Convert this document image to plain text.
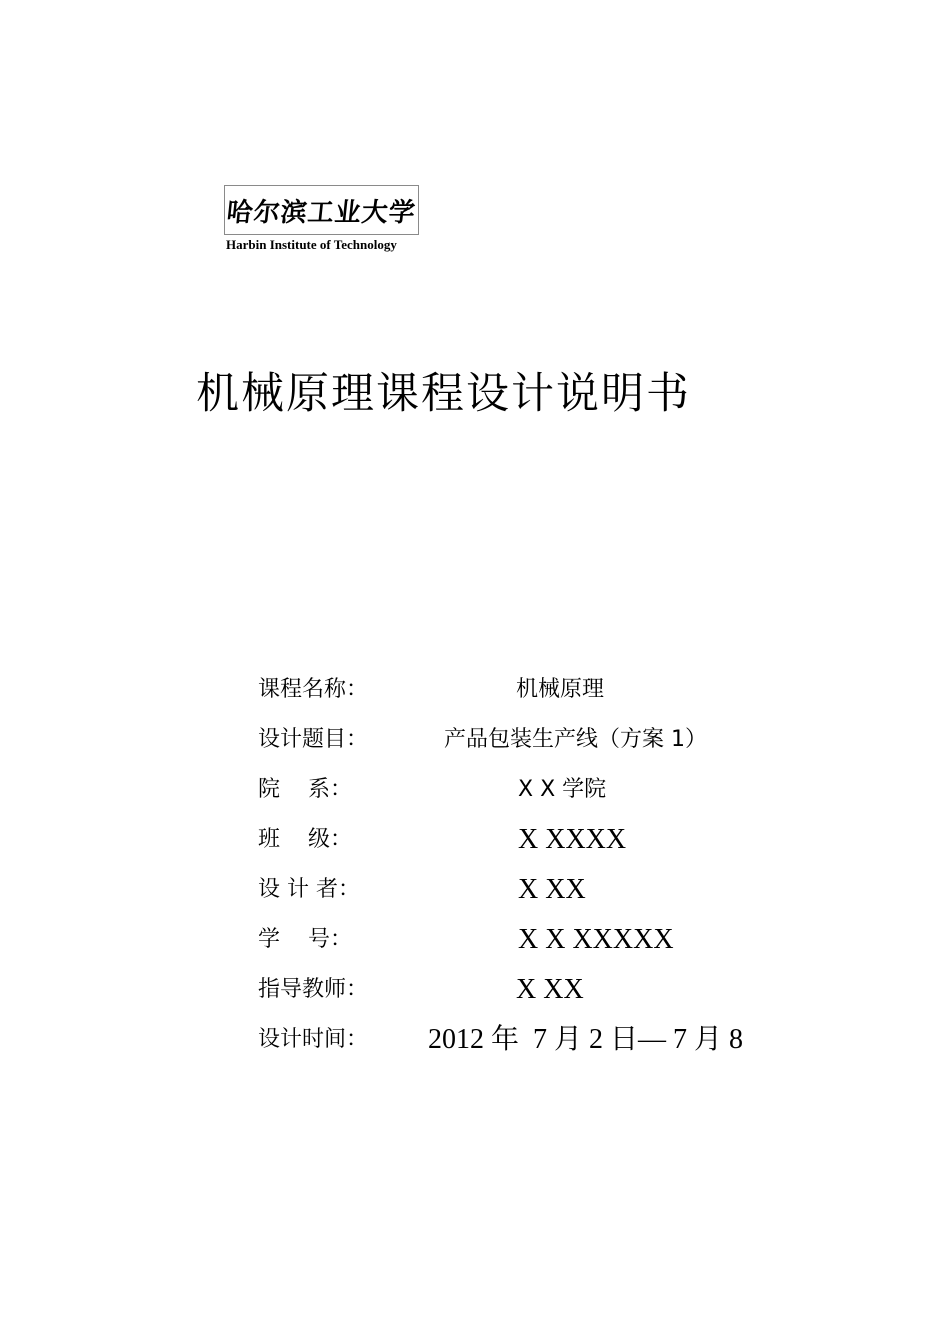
哈尔滨工业大学
Harbin Institute of Technology
机械原理课程设计说明书
课程名称：	机械原理
设计题目：	产品包装生产线（方案 1）
院    系：	X X 学院
班    级：	X XXXX
设 计 者：	X XX
学    号：	X X XXXXX
指导教师：	X XX
设计时间：	2012 年  7 月 2 日— 7 月 8
